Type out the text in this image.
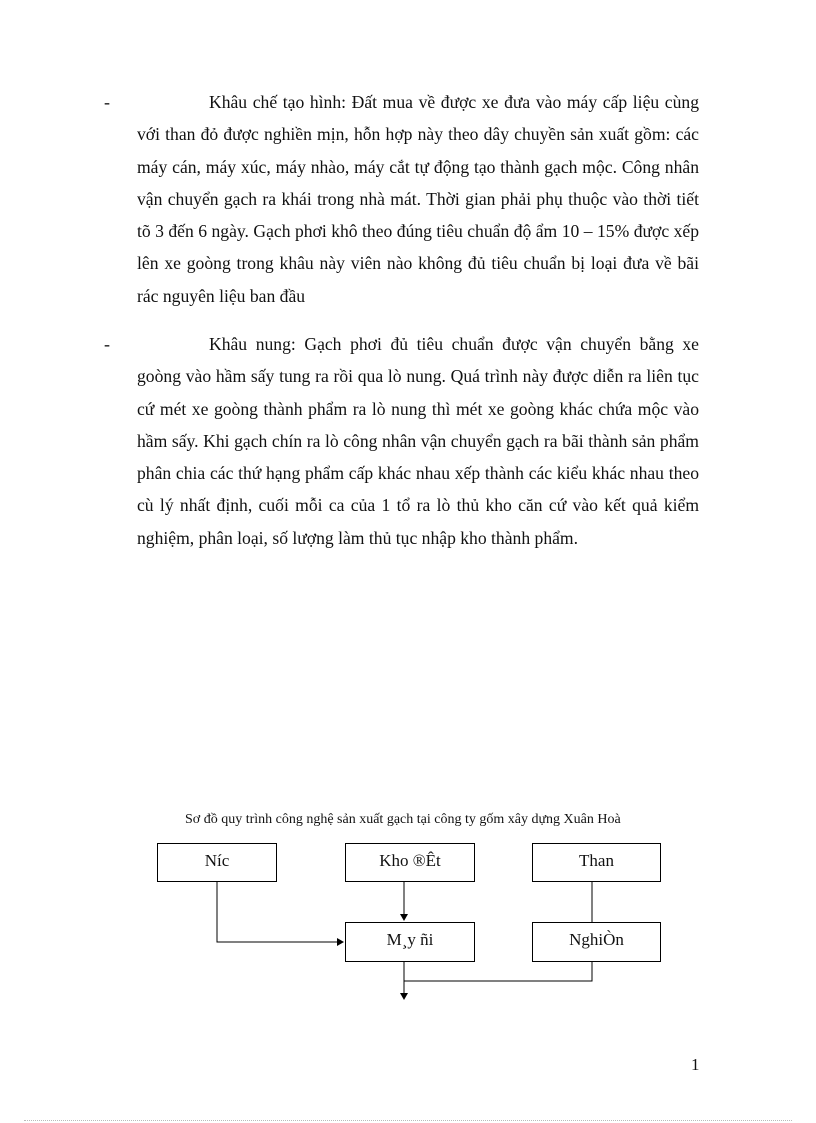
-	Khâu chế tạo hình: Đất mua về được xe đưa vào máy cấp liệu cùng với than đỏ được nghiền mịn, hỗn hợp này theo dây chuyền sản xuất gồm: các máy cán, máy xúc, máy nhào, máy cắt tự động tạo thành gạch mộc. Công nhân vận chuyển gạch ra khái trong nhà mát. Thời gian phải phụ thuộc vào thời tiết tõ 3 đến 6 ngày. Gạch phơi khô theo đúng tiêu chuẩn độ ẩm 10 – 15% được xếp lên xe goòng trong khâu này viên nào không đủ tiêu chuẩn bị loại đưa về bãi rác nguyên liệu ban đầu

-	Khâu nung: Gạch phơi đủ tiêu chuẩn được vận chuyển bằng xe goòng vào hầm sấy tung ra rồi qua lò nung. Quá trình này được diễn ra liên tục cứ mét xe goòng thành phẩm ra lò nung thì mét xe goòng khác chứa mộc vào hầm sấy. Khi gạch chín ra lò công nhân vận chuyển gạch ra bãi thành sản phẩm phân chia các thứ hạng phẩm cấp khác nhau xếp thành các kiểu khác nhau theo cù lý nhất định, cuối mỗi ca của 1 tổ ra lò thủ kho căn cứ vào kết quả kiểm nghiệm, phân loại, số lượng làm thủ tục nhập kho thành phẩm.

Sơ đồ quy trình công nghệ sản xuất gạch tại công ty gốm xây dựng Xuân Hoà

Níc	Kho ®Êt	Than
M¸y ñi	NghiÒn
1
